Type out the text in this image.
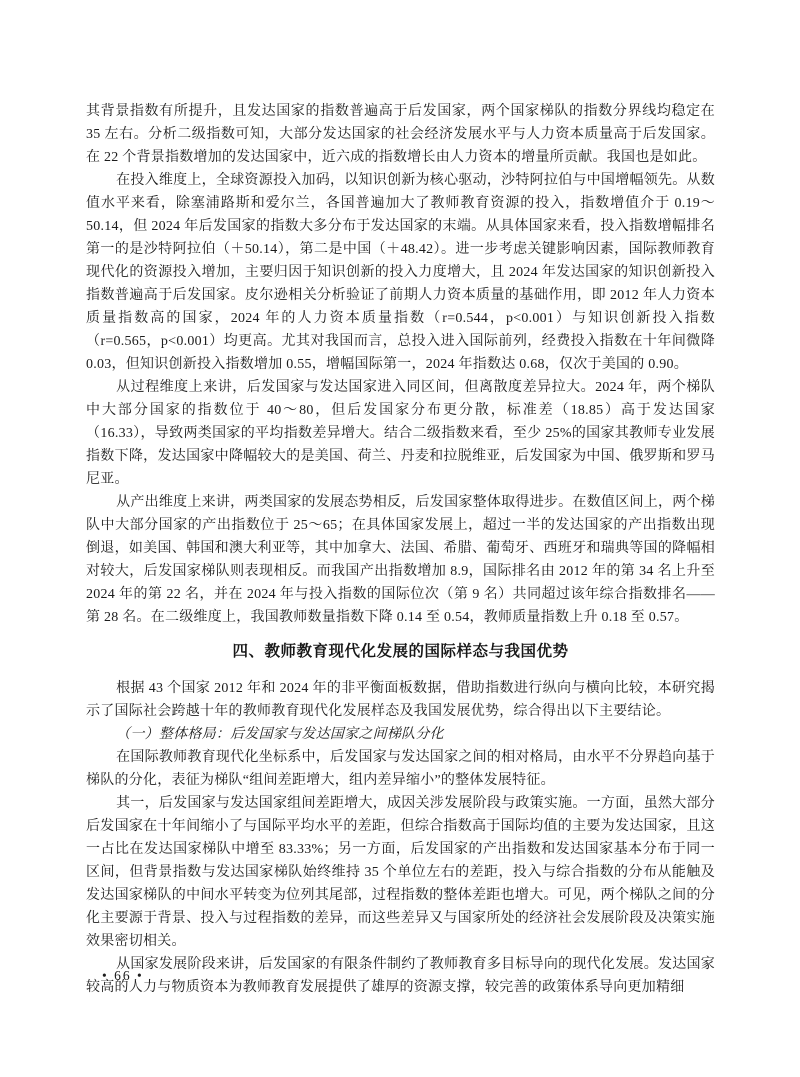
其背景指数有所提升，且发达国家的指数普遍高于后发国家，两个国家梯队的指数分界线均稳定在 35 左右。分析二级指数可知，大部分发达国家的社会经济发展水平与人力资本质量高于后发国家。在 22 个背景指数增加的发达国家中，近六成的指数增长由人力资本的增量所贡献。我国也是如此。

在投入维度上，全球资源投入加码，以知识创新为核心驱动，沙特阿拉伯与中国增幅领先。从数值水平来看，除塞浦路斯和爱尔兰，各国普遍加大了教师教育资源的投入，指数增值介于 0.19～50.14，但 2024 年后发国家的指数大多分布于发达国家的末端。从具体国家来看，投入指数增幅排名第一的是沙特阿拉伯（＋50.14），第二是中国（＋48.42）。进一步考虑关键影响因素，国际教师教育现代化的资源投入增加，主要归因于知识创新的投入力度增大，且 2024 年发达国家的知识创新投入指数普遍高于后发国家。皮尔逊相关分析验证了前期人力资本质量的基础作用，即 2012 年人力资本质量指数高的国家，2024 年的人力资本质量指数（r=0.544，p<0.001）与知识创新投入指数（r=0.565，p<0.001）均更高。尤其对我国而言，总投入进入国际前列，经费投入指数在十年间微降 0.03，但知识创新投入指数增加 0.55，增幅国际第一，2024 年指数达 0.68，仅次于美国的 0.90。

从过程维度上来讲，后发国家与发达国家进入同区间，但离散度差异拉大。2024 年，两个梯队中大部分国家的指数位于 40～80，但后发国家分布更分散，标准差（18.85）高于发达国家（16.33），导致两类国家的平均指数差异增大。结合二级指数来看，至少 25%的国家其教师专业发展指数下降，发达国家中降幅较大的是美国、荷兰、丹麦和拉脱维亚，后发国家为中国、俄罗斯和罗马尼亚。

从产出维度上来讲，两类国家的发展态势相反，后发国家整体取得进步。在数值区间上，两个梯队中大部分国家的产出指数位于 25～65；在具体国家发展上，超过一半的发达国家的产出指数出现倒退，如美国、韩国和澳大利亚等，其中加拿大、法国、希腊、葡萄牙、西班牙和瑞典等国的降幅相对较大，后发国家梯队则表现相反。而我国产出指数增加 8.9，国际排名由 2012 年的第 34 名上升至 2024 年的第 22 名，并在 2024 年与投入指数的国际位次（第 9 名）共同超过该年综合指数排名——第 28 名。在二级维度上，我国教师数量指数下降 0.14 至 0.54，教师质量指数上升 0.18 至 0.57。

四、教师教育现代化发展的国际样态与我国优势

根据 43 个国家 2012 年和 2024 年的非平衡面板数据，借助指数进行纵向与横向比较，本研究揭示了国际社会跨越十年的教师教育现代化发展样态及我国发展优势，综合得出以下主要结论。

（一）整体格局：后发国家与发达国家之间梯队分化

在国际教师教育现代化坐标系中，后发国家与发达国家之间的相对格局，由水平不分界趋向基于梯队的分化，表征为梯队“组间差距增大，组内差异缩小”的整体发展特征。

其一，后发国家与发达国家组间差距增大，成因关涉发展阶段与政策实施。一方面，虽然大部分后发国家在十年间缩小了与国际平均水平的差距，但综合指数高于国际均值的主要为发达国家，且这一占比在发达国家梯队中增至 83.33%；另一方面，后发国家的产出指数和发达国家基本分布于同一区间，但背景指数与发达国家梯队始终维持 35 个单位左右的差距，投入与综合指数的分布从能触及发达国家梯队的中间水平转变为位列其尾部，过程指数的整体差距也增大。可见，两个梯队之间的分化主要源于背景、投入与过程指数的差异，而这些差异又与国家所处的经济社会发展阶段及决策实施效果密切相关。

从国家发展阶段来讲，后发国家的有限条件制约了教师教育多目标导向的现代化发展。发达国家较高的人力与物质资本为教师教育发展提供了雄厚的资源支撑，较完善的政策体系导向更加精细

• 66 •
